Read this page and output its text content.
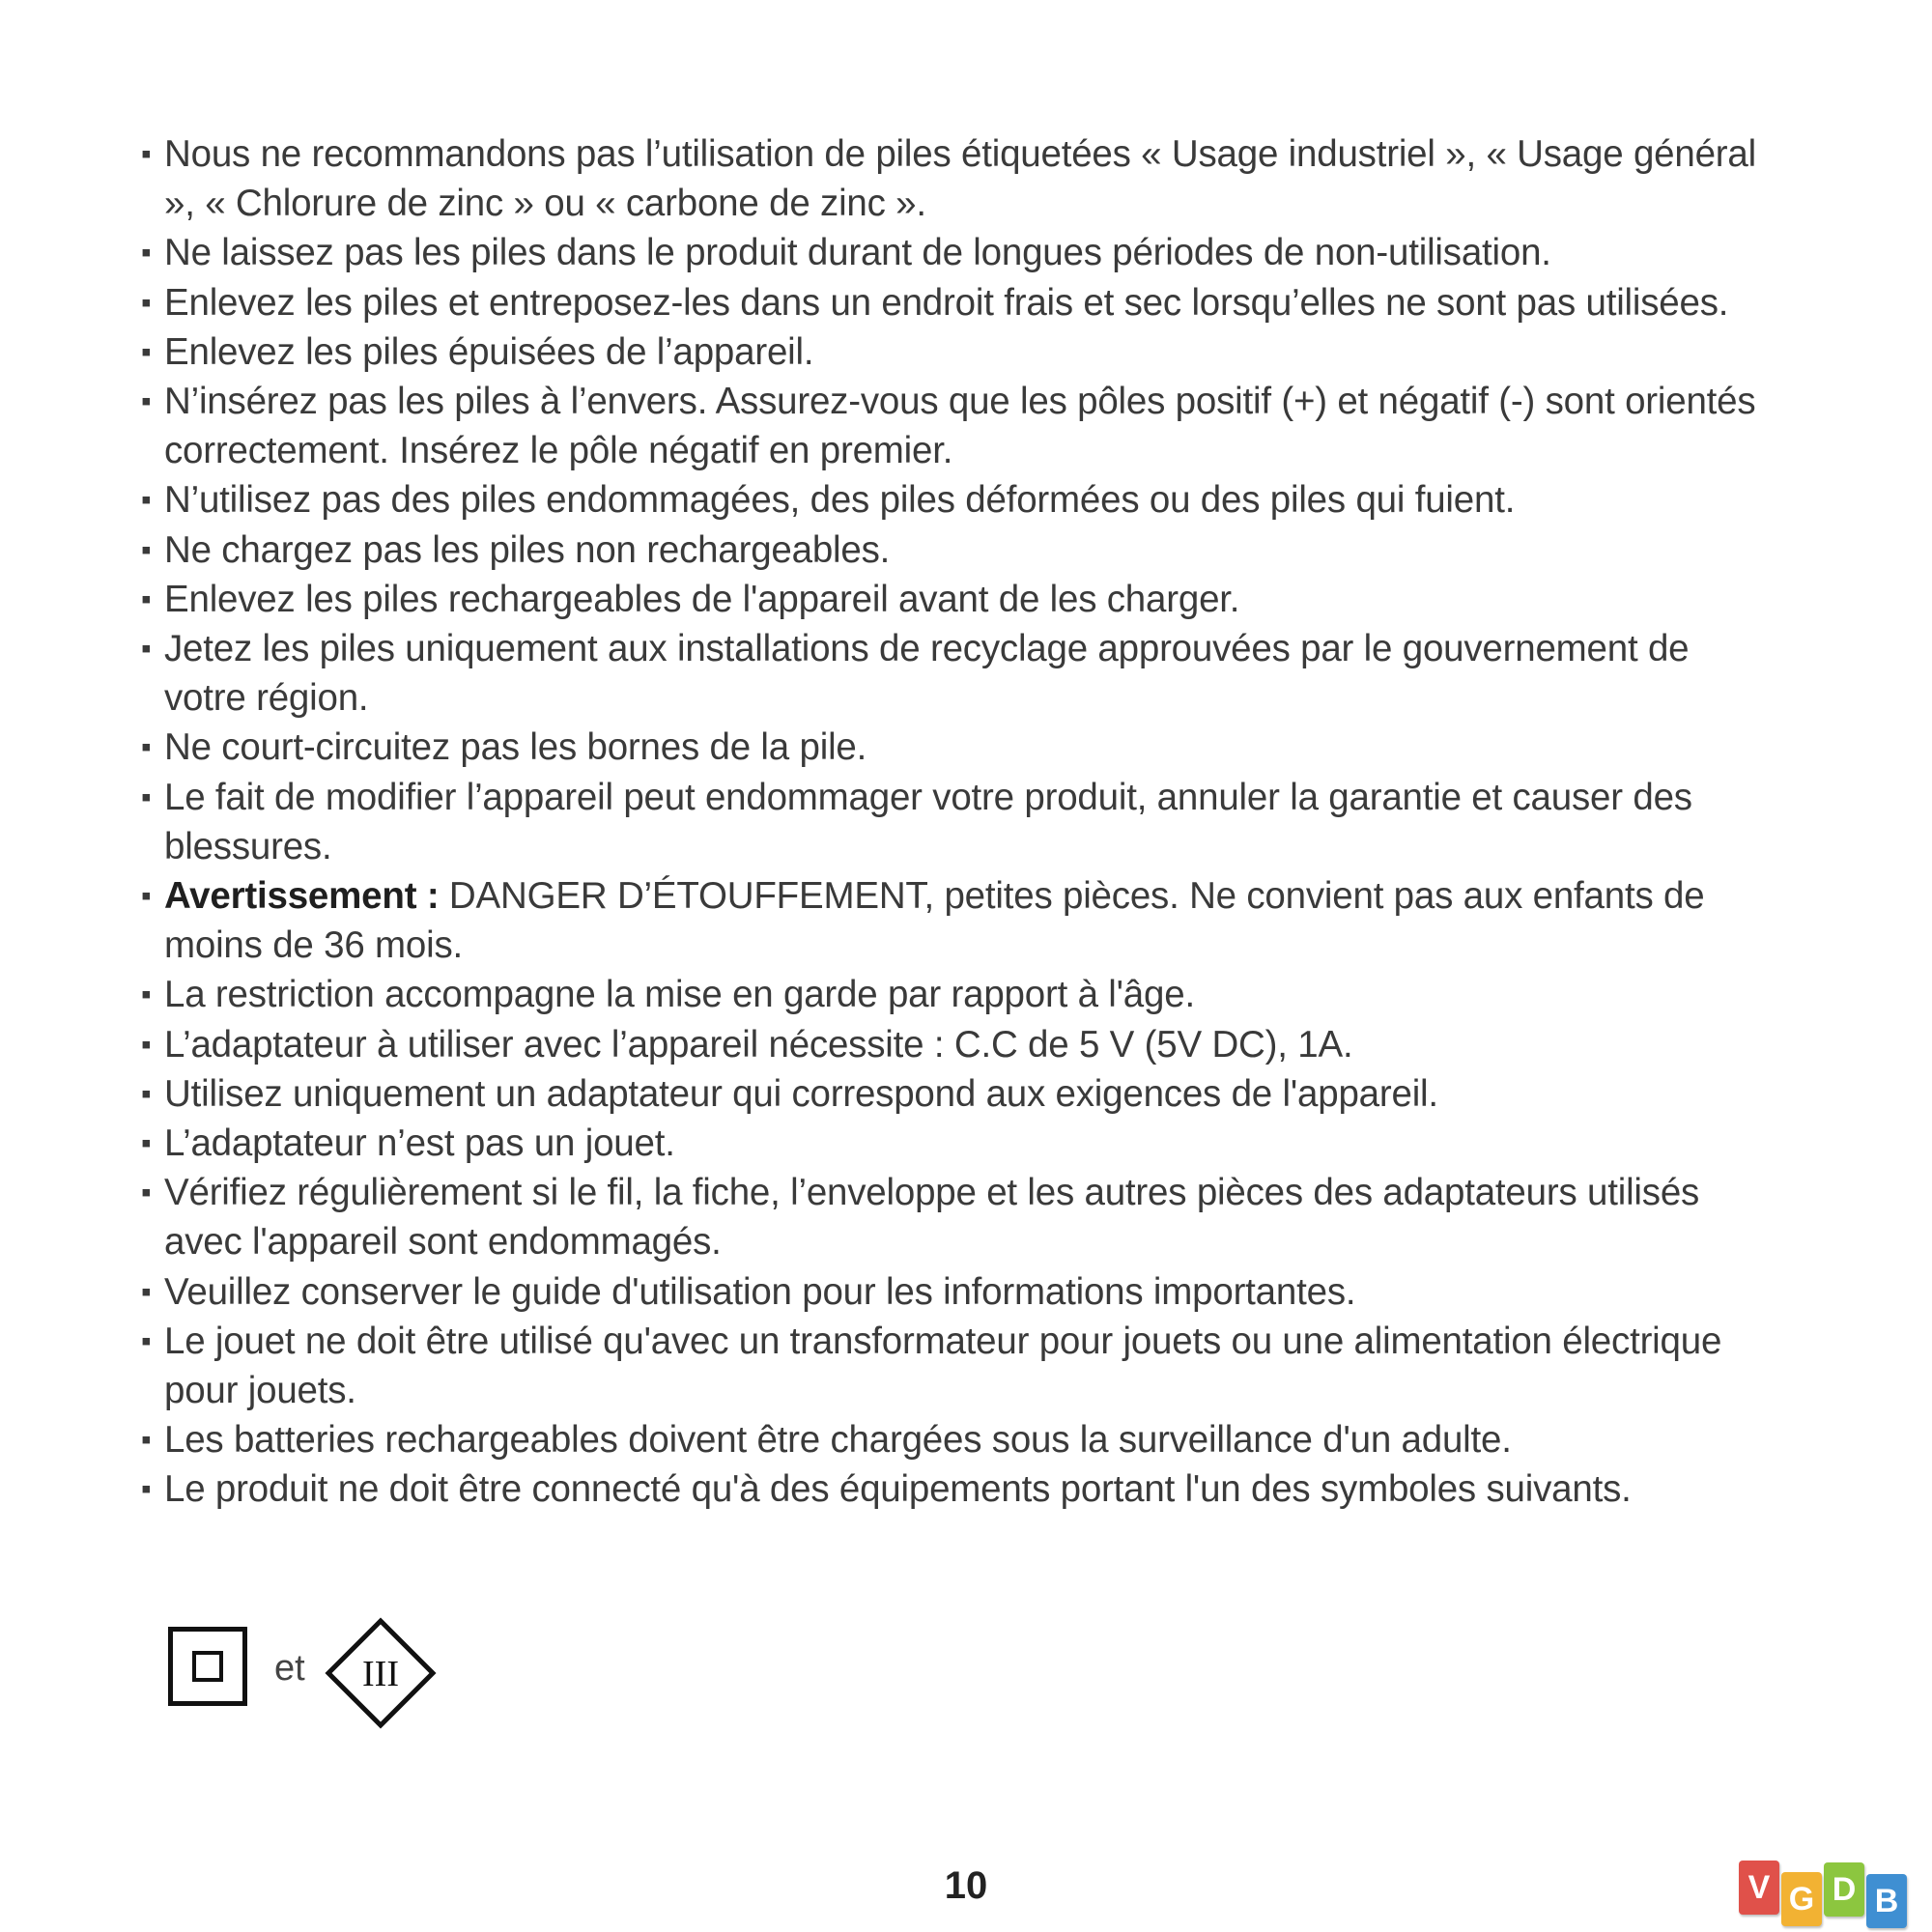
▪ Nous ne recommandons pas l’utilisation de piles étiquetées « Usage industriel », « Usage général », « Chlorure de zinc » ou « carbone de zinc ».
▪ Ne laissez pas les piles dans le produit durant de longues périodes de non-utilisation.
▪ Enlevez les piles et entreposez-les dans un endroit frais et sec lorsqu’elles ne sont pas utilisées.
▪ Enlevez les piles épuisées de l’appareil.
▪ N’insérez pas les piles à l’envers. Assurez-vous que les pôles positif (+) et négatif (-) sont orientés correctement. Insérez le pôle négatif en premier.
▪ N’utilisez pas des piles endommagées, des piles déformées ou des piles qui fuient.
▪ Ne chargez pas les piles non rechargeables.
▪ Enlevez les piles rechargeables de l'appareil avant de les charger.
▪ Jetez les piles uniquement aux installations de recyclage approuvées par le gouvernement de votre région.
▪ Ne court-circuitez pas les bornes de la pile.
▪ Le fait de modifier l’appareil peut endommager votre produit, annuler la garantie et causer des blessures.
▪ Avertissement : DANGER D’ÉTOUFFEMENT, petites pièces. Ne convient pas aux enfants de moins de 36 mois.
▪ La restriction accompagne la mise en garde par rapport à l'âge.
▪ L’adaptateur à utiliser avec l’appareil nécessite : C.C de 5 V (5V DC), 1A.
▪ Utilisez uniquement un adaptateur qui correspond aux exigences de l'appareil.
▪ L’adaptateur n’est pas un jouet.
▪ Vérifiez régulièrement si le fil, la fiche, l’enveloppe et les autres pièces des adaptateurs utilisés avec l'appareil sont endommagés.
▪ Veuillez conserver le guide d'utilisation pour les informations importantes.
▪ Le jouet ne doit être utilisé qu'avec un transformateur pour jouets ou une alimentation électrique pour jouets.
▪ Les batteries rechargeables doivent être chargées sous la surveillance d'un adulte.
▪ Le produit ne doit être connecté qu'à des équipements portant l'un des symboles suivants.
et III
10	V G D B
